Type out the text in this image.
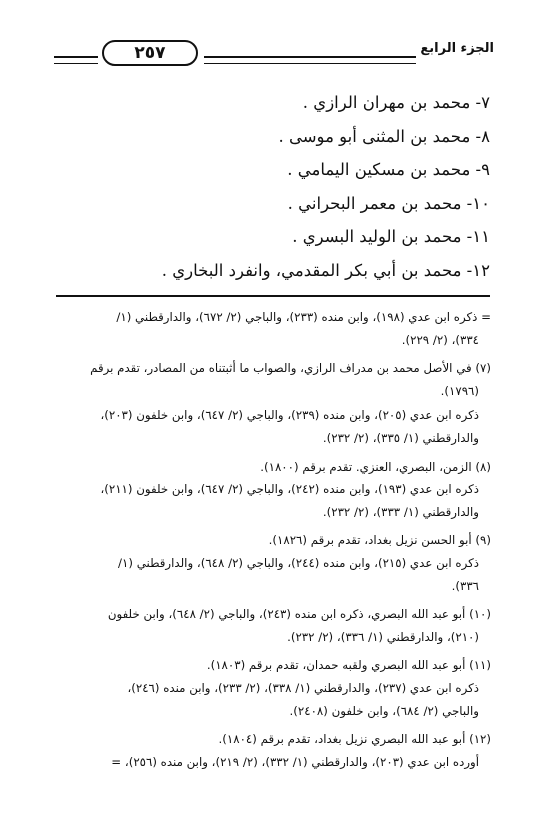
٢٥٧	الجزء الرابع
٧- محمد بن مهران الرازي .
٨- محمد بن المثنى أبو موسى .
٩- محمد بن مسكين اليمامي .
١٠- محمد بن معمر البحراني .
١١- محمد بن الوليد البسري .
١٢- محمد بن أبي بكر المقدمي، وانفرد البخاري .
= ذكره ابن عدي (١٩٨)، وابن منده (٢٣٣)، والباجي (٢/ ٦٧٢)، والدارقطني (١/
٣٣٤)، (٢/ ٢٢٩).
(٧) في الأصل محمد بن مدراف الرازي، والصواب ما أثبتناه من المصادر، تقدم برقم
(١٧٩٦).
ذكره ابن عدي (٢٠٥)، وابن منده (٢٣٩)، والباجي (٢/ ٦٤٧)، وابن خلفون (٢٠٣)،
والدارقطني (١/ ٣٣٥)، (٢/ ٢٣٢).
(٨) الزمن، البصري، العنزي. تقدم برقم (١٨٠٠).
ذكره ابن عدي (١٩٣)، وابن منده (٢٤٢)، والباجي (٢/ ٦٤٧)، وابن خلفون (٢١١)،
والدارقطني (١/ ٣٣٣)، (٢/ ٢٣٢).
(٩) أبو الحسن نزيل بغداد، تقدم برقم (١٨٢٦).
ذكره ابن عدي (٢١٥)، وابن منده (٢٤٤)، والباجي (٢/ ٦٤٨)، والدارقطني (١/
٣٣٦).
(١٠) أبو عبد الله البصري، ذكره ابن منده (٢٤٣)، والباجي (٢/ ٦٤٨)، وابن خلفون
(٢١٠)، والدارقطني (١/ ٣٣٦)، (٢/ ٢٣٢).
(١١) أبو عبد الله البصري ولقبه حمدان، تقدم برقم (١٨٠٣).
ذكره ابن عدي (٢٣٧)، والدارقطني (١/ ٣٣٨)، (٢/ ٢٣٣)، وابن منده (٢٤٦)،
والباجي (٢/ ٦٨٤)، وابن خلفون (٢٤٠٨).
(١٢) أبو عبد الله البصري نزيل بغداد، تقدم برقم (١٨٠٤).
أورده ابن عدي (٢٠٣)، والدارقطني (١/ ٣٣٢)، (٢/ ٢١٩)، وابن منده (٢٥٦)، =
